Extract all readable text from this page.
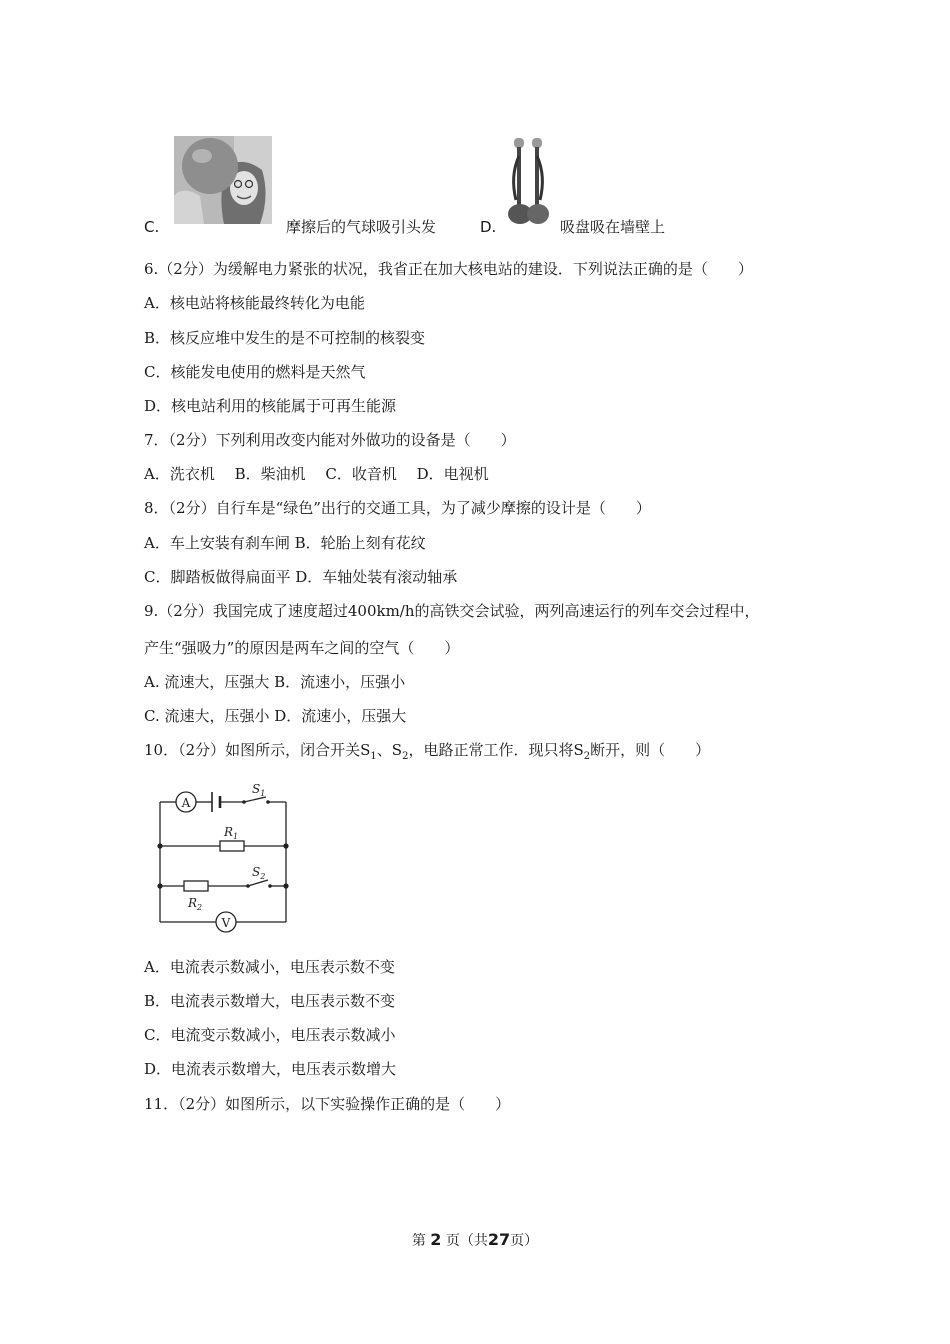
C.	摩擦后的气球吸引头发	D.	吸盘吸在墙壁上
6.（2分）为缓解电力紧张的状况，我省正在加大核电站的建设．下列说法正确的是（　　）
A．核电站将核能最终转化为电能
B．核反应堆中发生的是不可控制的核裂变
C．核能发电使用的燃料是天然气
D．核电站利用的核能属于可再生能源
7．（2分）下列利用改变内能对外做功的设备是（　　）
A．洗衣机　 B．柴油机　 C．收音机　 D．电视机
8．（2分）自行车是“绿色”出行的交通工具，为了减少摩擦的设计是（　　）
A．车上安装有刹车闸 B．轮胎上刻有花纹
C．脚踏板做得扁面平 D．车轴处装有滚动轴承
9.（2分）我国完成了速度超过400km/h的高铁交会试验，两列高速运行的列车交会过程中，
产生“强吸力”的原因是两车之间的空气（　　）
A. 流速大，压强大 B．流速小，压强小
C. 流速大，压强小 D．流速小，压强大
10．（2分）如图所示，闭合开关$S_1$、$S_2$，电路正常工作．现只将$S_2$断开，则（　　）
A
V
$S_1$
$R_1$
$S_2$
$R_2$
A．电流表示数减小，电压表示数不变
B．电流表示数增大，电压表示数不变
C．电流变示数减小，电压表示数减小
D．电流表示数增大，电压表示数增大
11．（2分）如图所示，以下实验操作正确的是（　　）
第 2 页（共27页）
